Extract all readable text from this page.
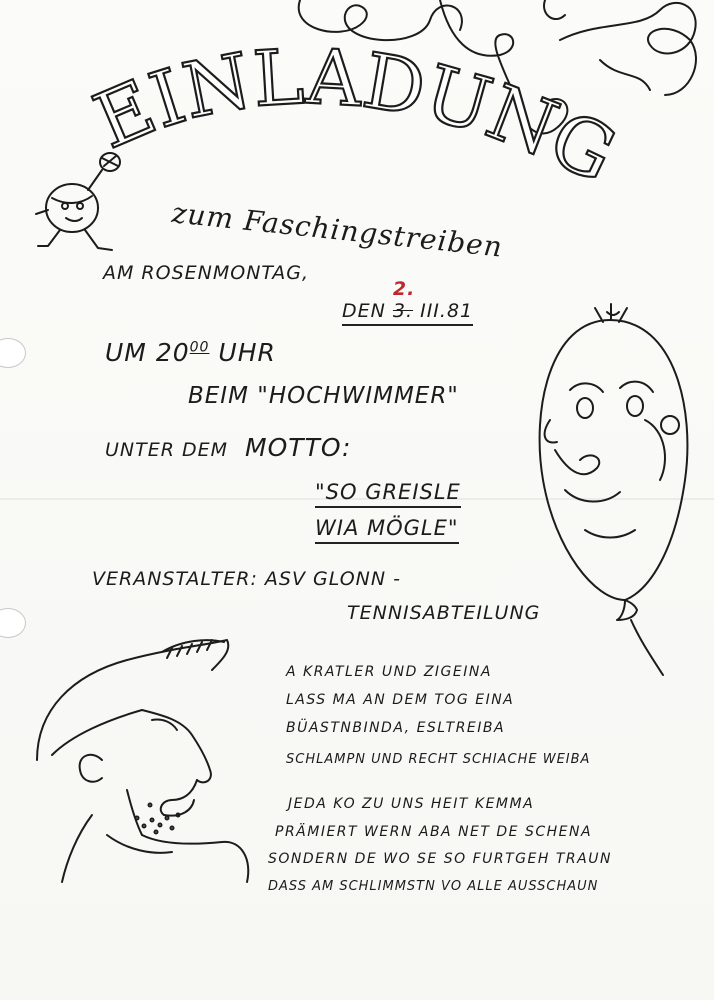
EINLADUNG
zum Faschingstreiben
AM ROSENMONTAG,
DEN 3.
2.
III.81
UM $20^{00}$ UHR
BEIM "HOCHWIMMER"
UNTER DEM MOTTO:
"SO GREISLE
WIA MÖGLE"
VERANSTALTER: ASV GLONN -
TENNISABTEILUNG
A KRATLER UND ZIGEINA
LASS MA AN DEM TOG EINA
BÜASTNBINDA, ESLTREIBA
SCHLAMPN UND RECHT SCHIACHE WEIBA
JEDA KO ZU UNS HEIT KEMMA
PRÄMIERT WERN ABA NET DE SCHENA
SONDERN DE WO SE SO FURTGEH TRAUN
DASS AM SCHLIMMSTN VO ALLE AUSSCHAUN
